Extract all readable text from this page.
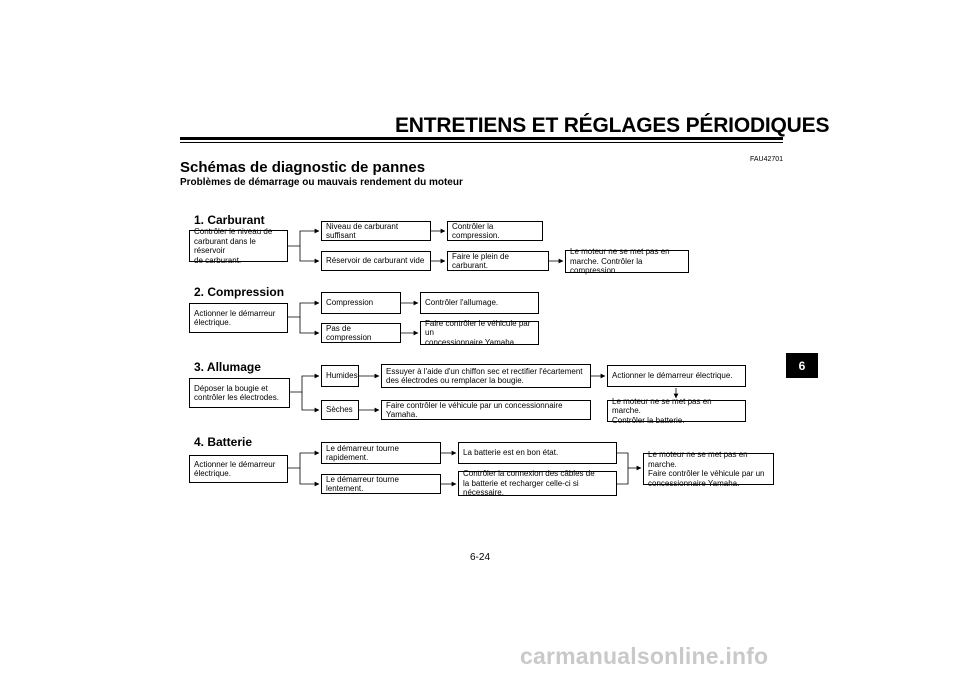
ENTRETIENS ET RÉGLAGES PÉRIODIQUES
FAU42701
Schémas de diagnostic de pannes
Problèmes de démarrage ou mauvais rendement du moteur
1. Carburant
Contrôler le niveau de
carburant dans le réservoir
de carburant.
Niveau de carburant suffisant
Contrôler la compression.
Réservoir de carburant vide
Faire le plein de carburant.
Le moteur ne se met pas en
marche. Contrôler la compression.
2. Compression
Actionner le démarreur
électrique.
Compression	Contrôler l'allumage.
Pas de compression
Faire contrôler le véhicule par un
concessionnaire Yamaha.
3. Allumage
Déposer la bougie et
contrôler les électrodes.
Humides
Essuyer à l'aide d'un chiffon sec et rectifier l'écartement
des électrodes ou remplacer la bougie.
Actionner le démarreur électrique.
Le moteur ne se met pas en marche.
Contrôler la batterie.
Sèches
Faire contrôler le véhicule par un concessionnaire Yamaha.
4. Batterie
Actionner le démarreur
électrique.
Le démarreur tourne rapidement.
La batterie est en bon état.
Le démarreur tourne lentement.
Contrôler la connexion des câbles de
la batterie et recharger celle-ci si nécessaire.
Le moteur ne se met pas en marche.
Faire contrôler le véhicule par un
concessionnaire Yamaha.
6
6-24
carmanualsonline.info
